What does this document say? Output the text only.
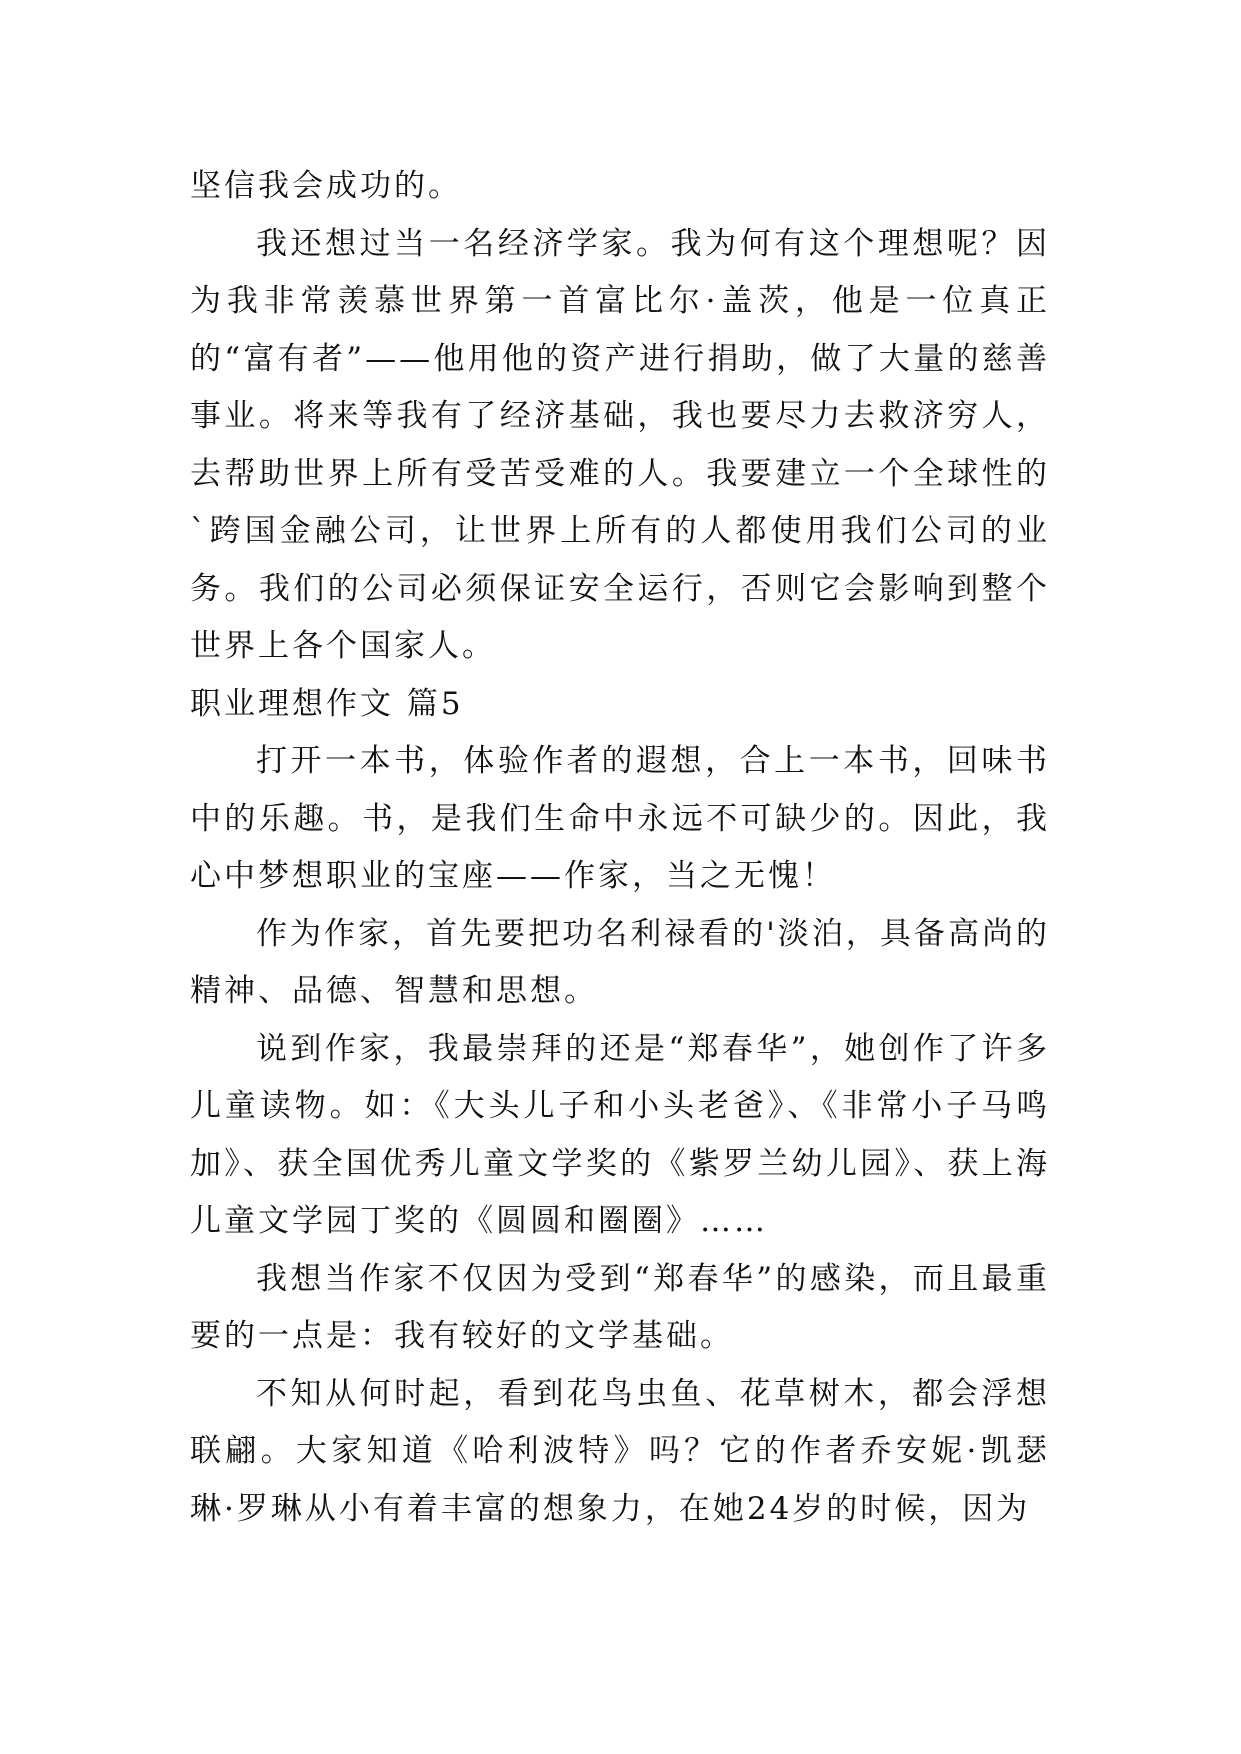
坚信我会成功的。

我还想过当一名经济学家。我为何有这个理想呢？因为我非常羡慕世界第一首富比尔·盖茨，他是一位真正的“富有者”——他用他的资产进行捐助，做了大量的慈善事业。将来等我有了经济基础，我也要尽力去救济穷人，去帮助世界上所有受苦受难的人。我要建立一个全球性的`跨国金融公司，让世界上所有的人都使用我们公司的业务。我们的公司必须保证安全运行，否则它会影响到整个世界上各个国家人。

职业理想作文 篇5

打开一本书，体验作者的遐想，合上一本书，回味书中的乐趣。书，是我们生命中永远不可缺少的。因此，我心中梦想职业的宝座——作家，当之无愧！

作为作家，首先要把功名利禄看的'淡泊，具备高尚的精神、品德、智慧和思想。

说到作家，我最崇拜的还是“郑春华”，她创作了许多儿童读物。如：《大头儿子和小头老爸》、《非常小子马鸣加》、获全国优秀儿童文学奖的《紫罗兰幼儿园》、获上海儿童文学园丁奖的《圆圆和圈圈》……

我想当作家不仅因为受到“郑春华”的感染，而且最重要的一点是：我有较好的文学基础。

不知从何时起，看到花鸟虫鱼、花草树木，都会浮想联翩。大家知道《哈利波特》吗？它的作者乔安妮·凯瑟琳·罗琳从小有着丰富的想象力，在她24岁的时候，因为
